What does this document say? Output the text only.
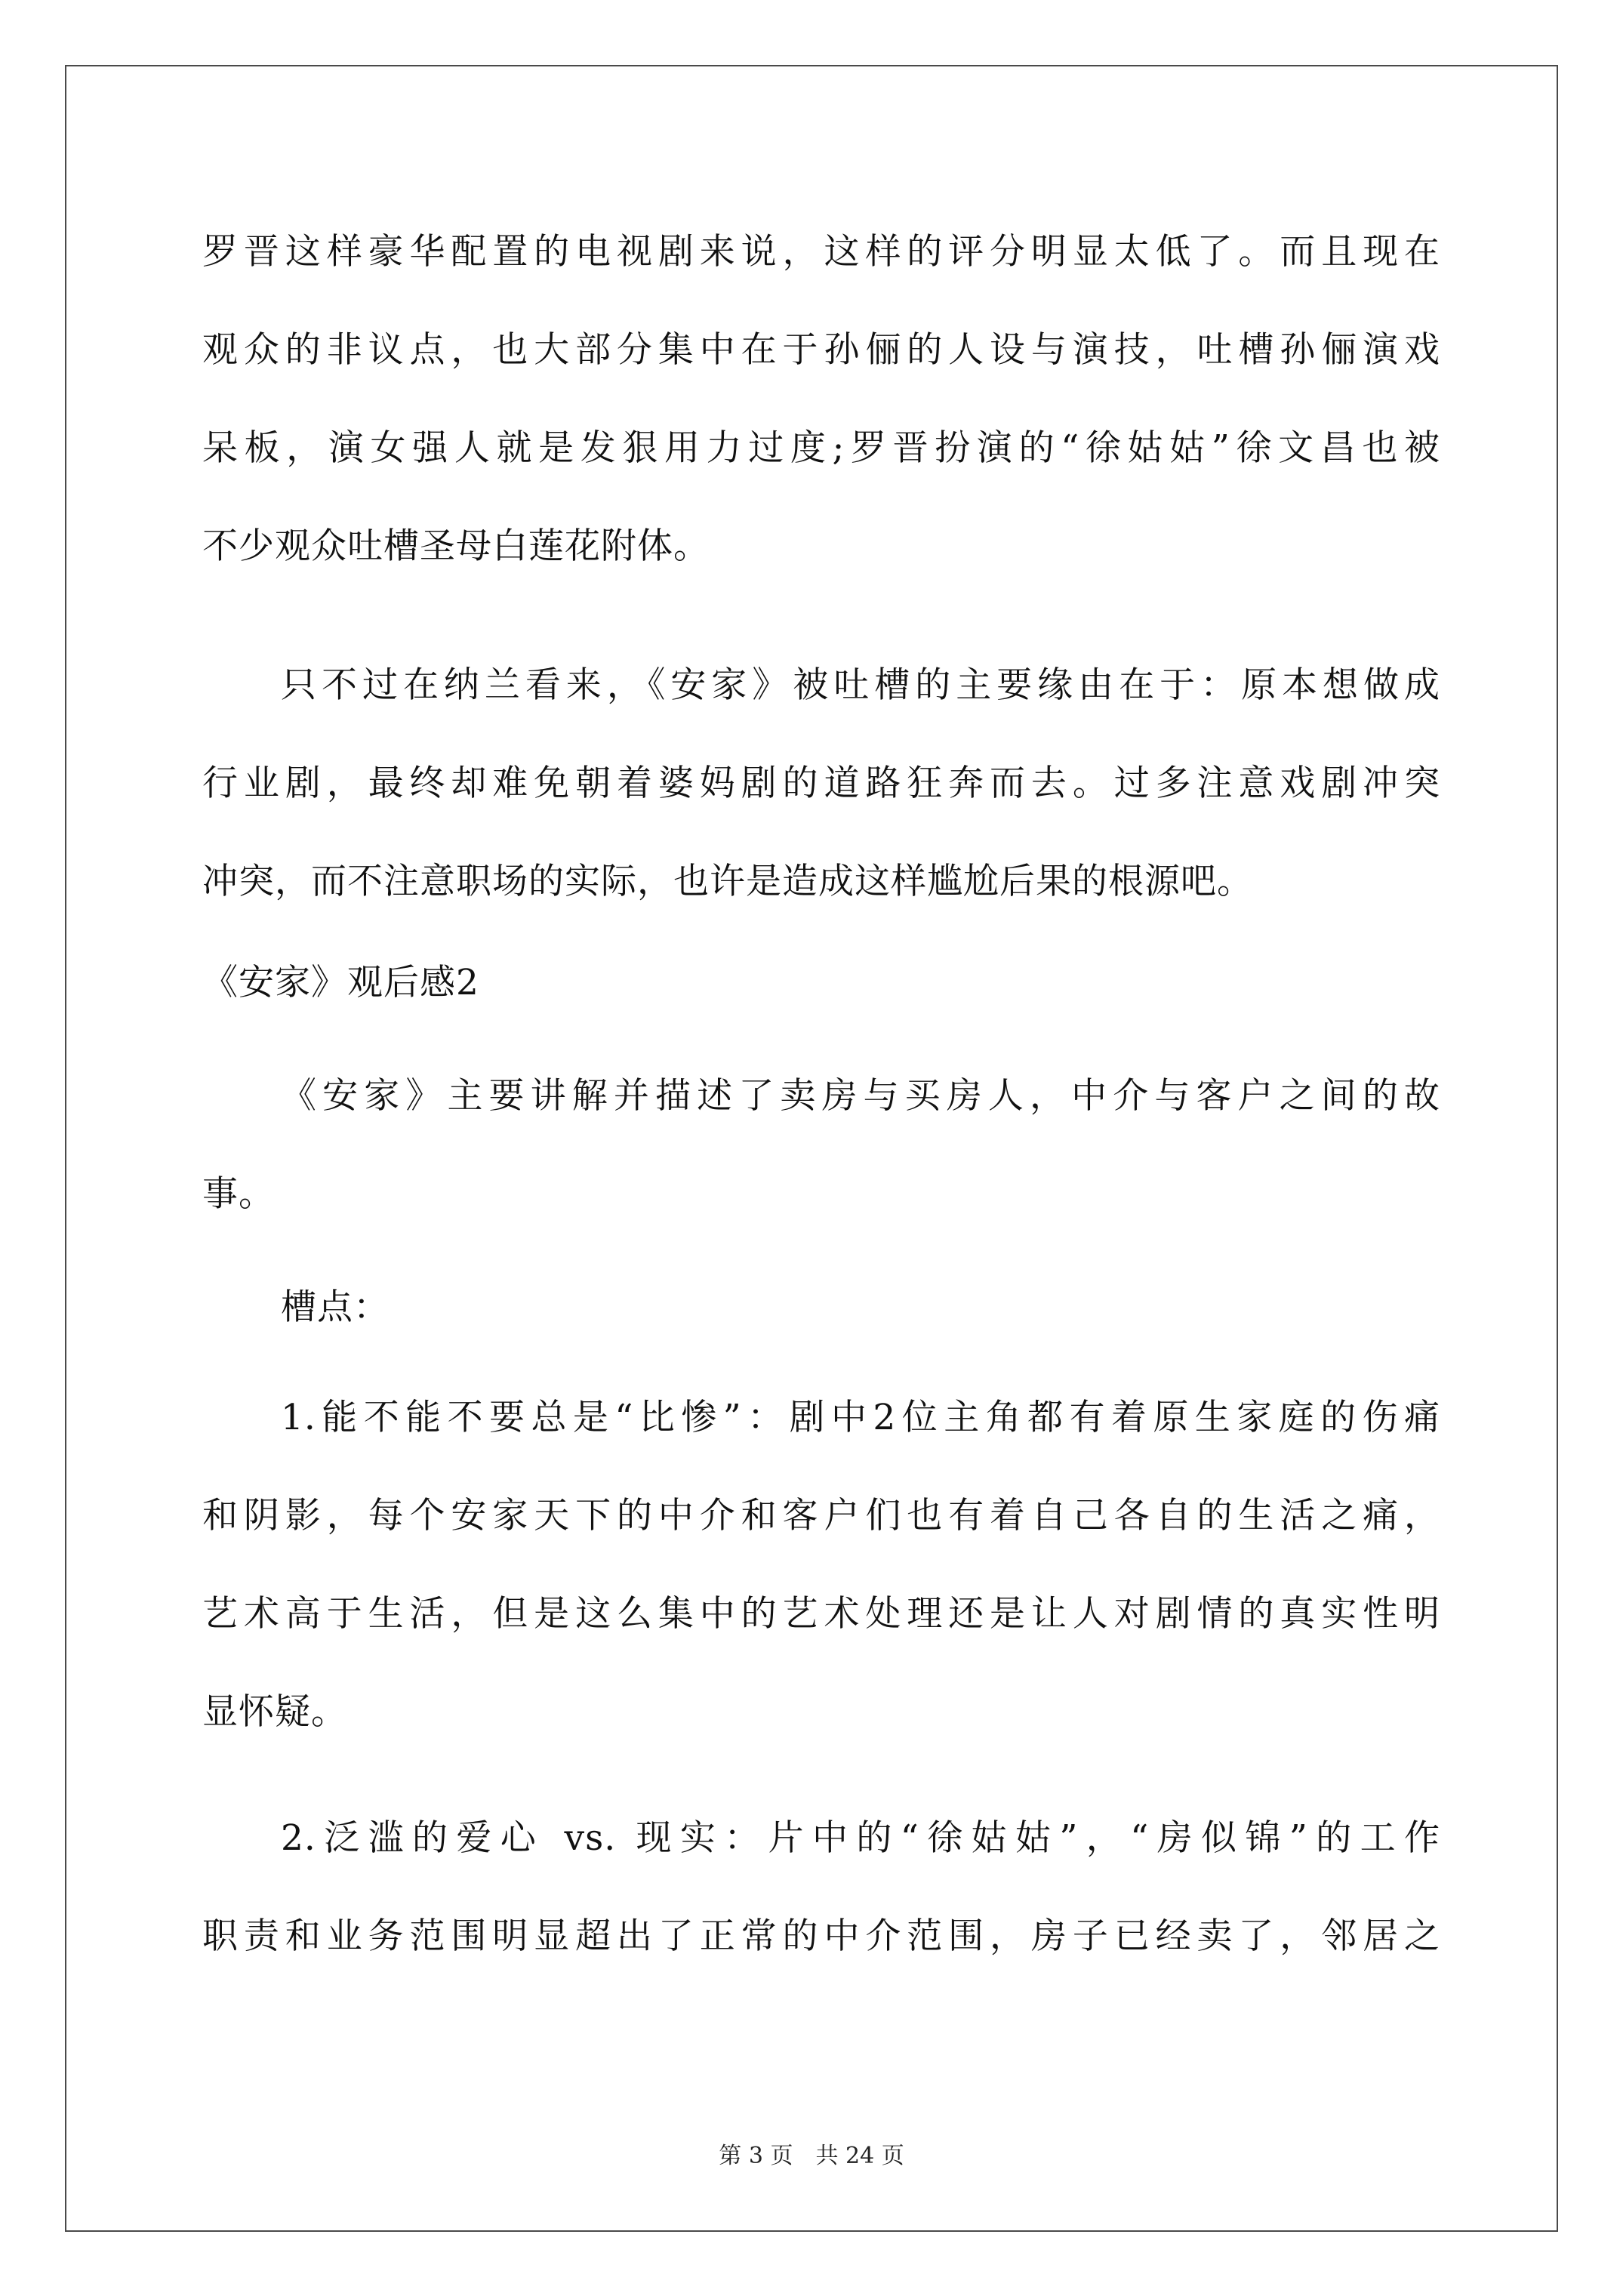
罗晋这样豪华配置的电视剧来说，这样的评分明显太低了。而且现在
观众的非议点，也大部分集中在于孙俪的人设与演技，吐槽孙俪演戏
呆板，演女强人就是发狠用力过度;罗晋扮演的“徐姑姑”徐文昌也被
不少观众吐槽圣母白莲花附体。
只不过在纳兰看来，《安家》被吐槽的主要缘由在于：原本想做成
行业剧，最终却难免朝着婆妈剧的道路狂奔而去。过多注意戏剧冲突
冲突，而不注意职场的实际，也许是造成这样尴尬后果的根源吧。
《安家》观后感2
《安家》主要讲解并描述了卖房与买房人，中介与客户之间的故
事。
槽点：
1.能不能不要总是“比惨”：剧中2位主角都有着原生家庭的伤痛
和阴影，每个安家天下的中介和客户们也有着自己各自的生活之痛，
艺术高于生活，但是这么集中的艺术处理还是让人对剧情的真实性明
显怀疑。
2.泛滥的爱心 vs. 现实：片中的“徐姑姑”，“房似锦”的工作
职责和业务范围明显超出了正常的中介范围，房子已经卖了，邻居之
第 3 页　共 24 页
